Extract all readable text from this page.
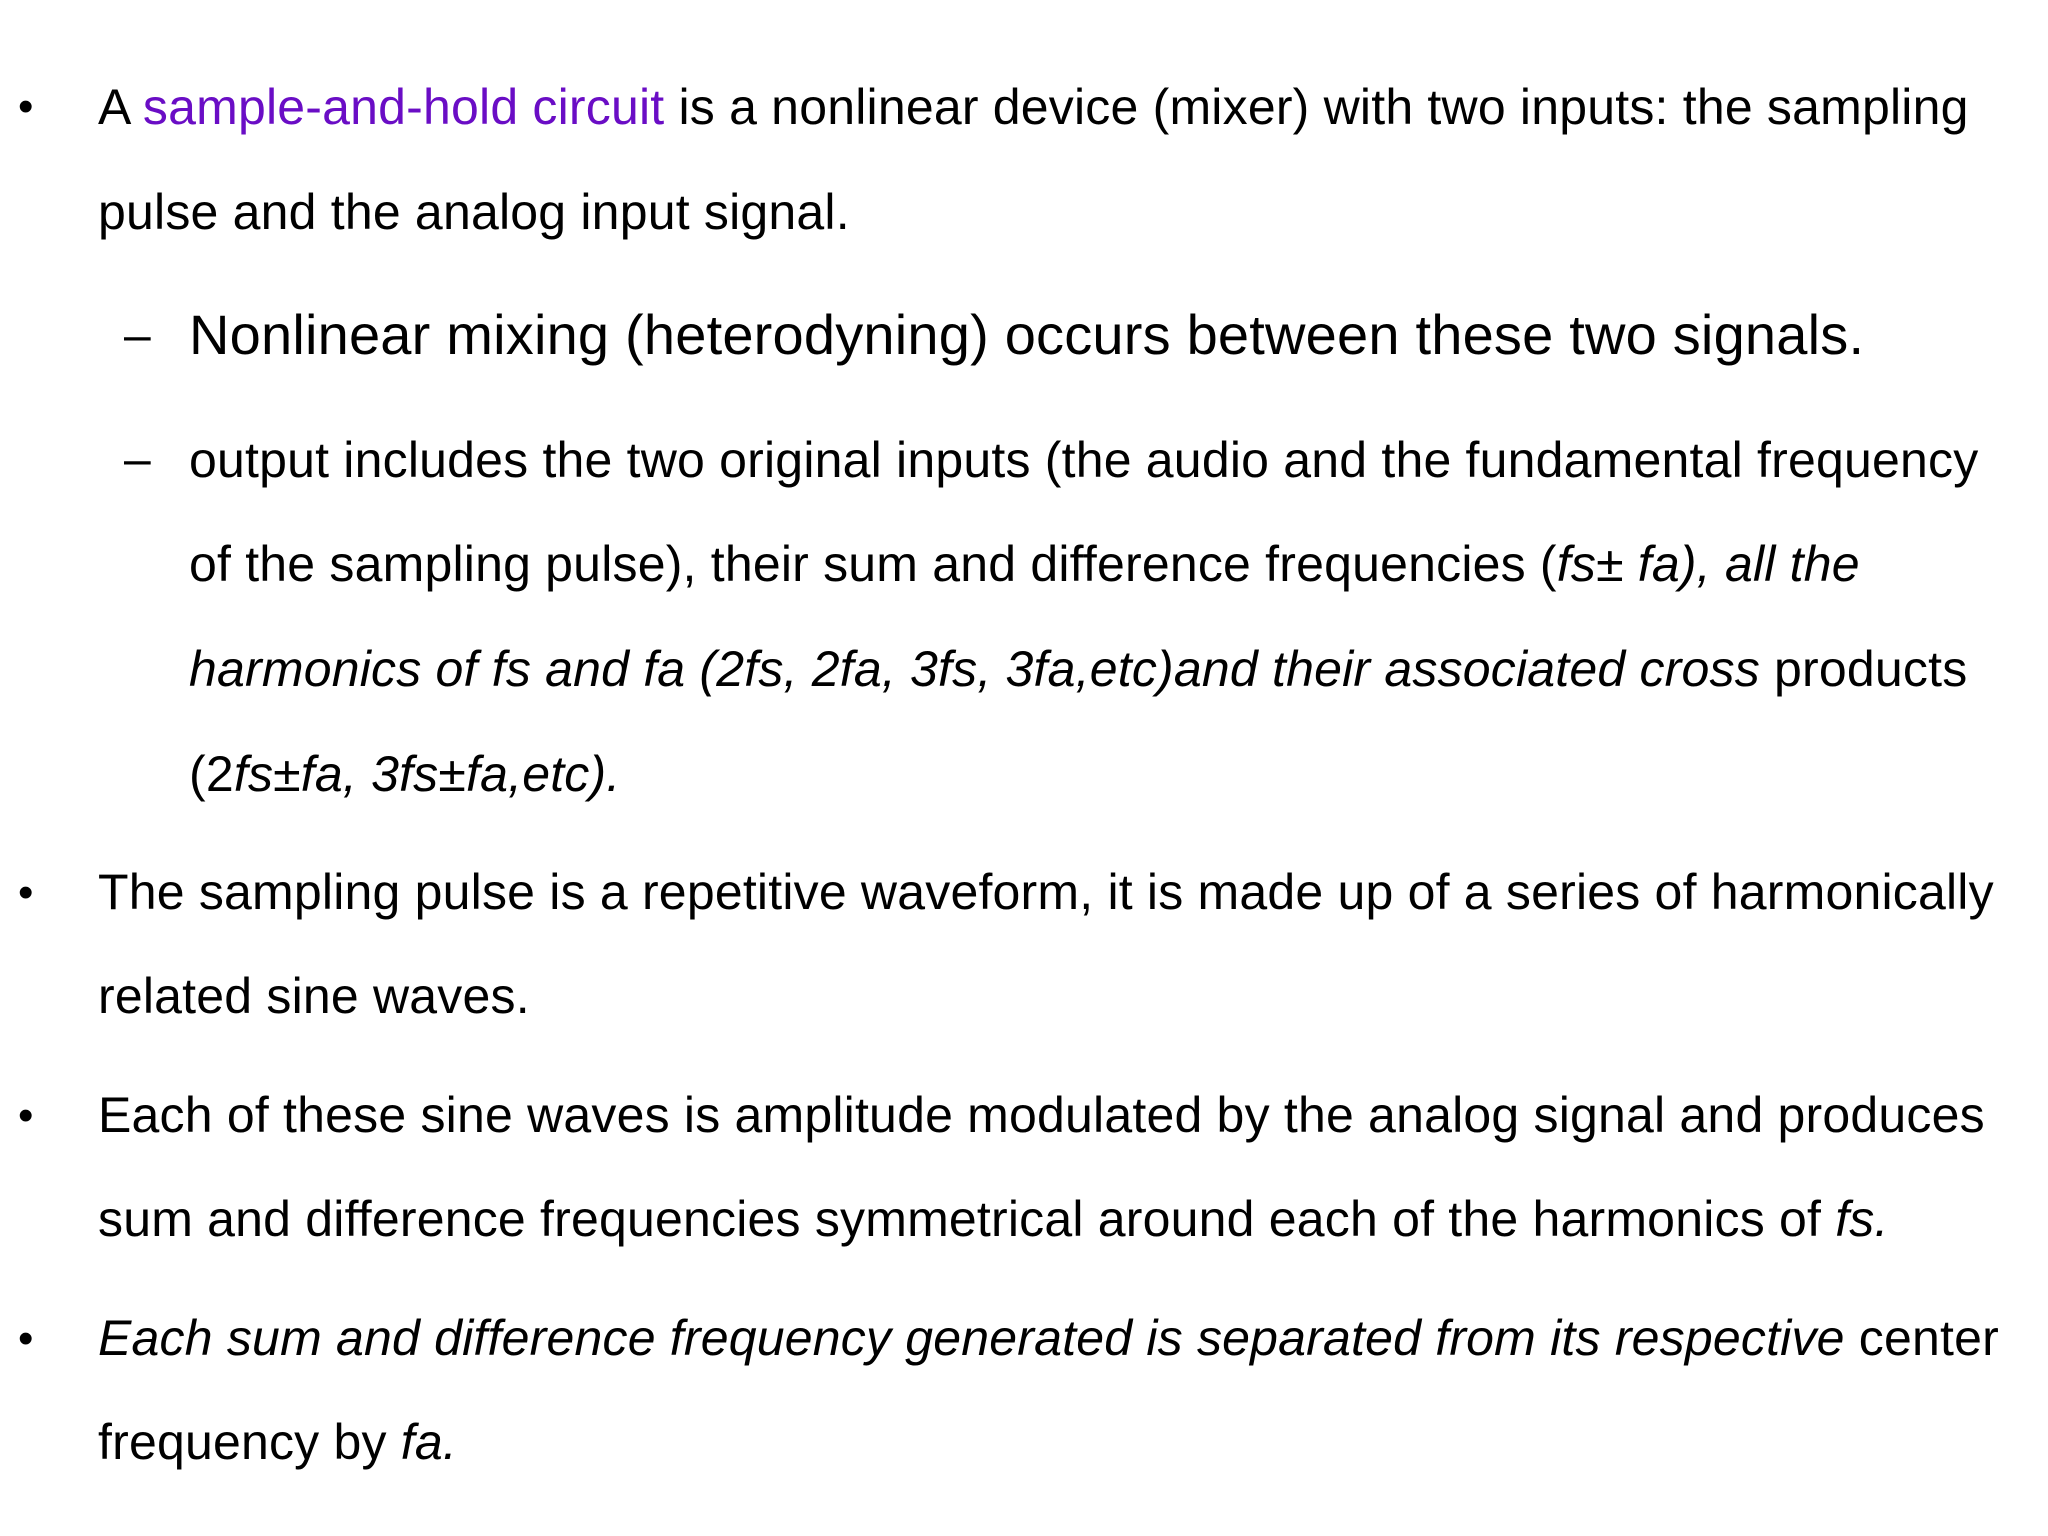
• A sample-and-hold circuit is a nonlinear device (mixer) with two inputs: the sampling
pulse and the analog input signal.
– Nonlinear mixing (heterodyning) occurs between these two signals.
– output includes the two original inputs (the audio and the fundamental frequency
of the sampling pulse), their sum and difference frequencies (fs± fa), all the
harmonics of fs and fa (2fs, 2fa, 3fs, 3fa,etc)and their associated cross products
(2fs±fa, 3fs±fa,etc).
• The sampling pulse is a repetitive waveform, it is made up of a series of harmonically
related sine waves.
• Each of these sine waves is amplitude modulated by the analog signal and produces
sum and difference frequencies symmetrical around each of the harmonics of fs.
• Each sum and difference frequency generated is separated from its respective center
frequency by fa.
